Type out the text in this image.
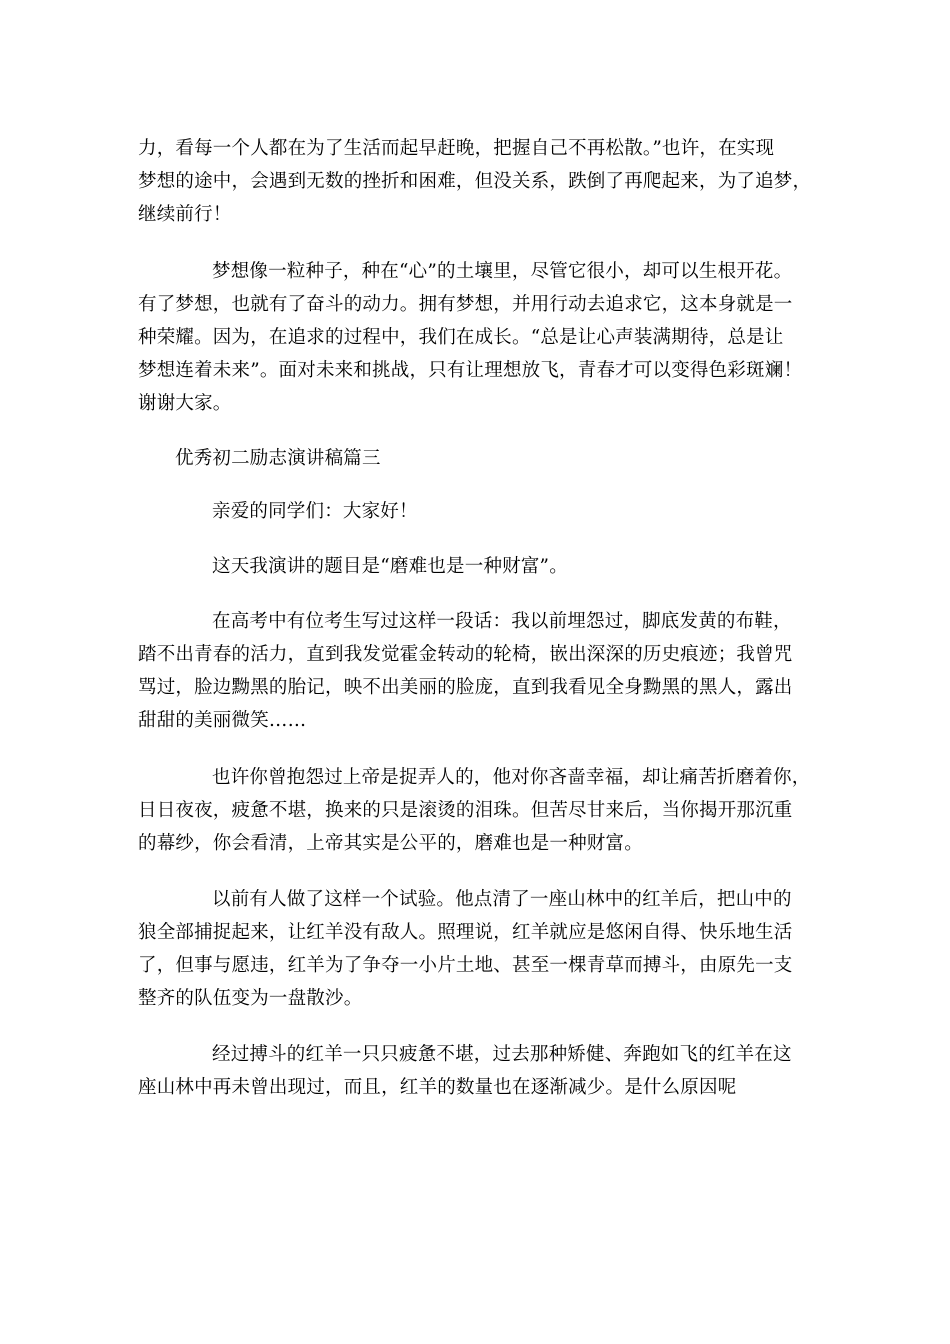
力，看每一个人都在为了生活而起早赶晚，把握自己不再松散。”也许，在实现
梦想的途中，会遇到无数的挫折和困难，但没关系，跌倒了再爬起来，为了追梦，
继续前行！
梦想像一粒种子，种在“心”的土壤里，尽管它很小，却可以生根开花。
有了梦想，也就有了奋斗的动力。拥有梦想，并用行动去追求它，这本身就是一
种荣耀。因为，在追求的过程中，我们在成长。“总是让心声装满期待，总是让
梦想连着未来”。面对未来和挑战，只有让理想放飞，青春才可以变得色彩斑斓！
谢谢大家。
优秀初二励志演讲稿篇三
亲爱的同学们：大家好！
这天我演讲的题目是“磨难也是一种财富”。
在高考中有位考生写过这样一段话：我以前埋怨过，脚底发黄的布鞋，
踏不出青春的活力，直到我发觉霍金转动的轮椅，嵌出深深的历史痕迹；我曾咒
骂过，脸边黝黑的胎记，映不出美丽的脸庞，直到我看见全身黝黑的黑人，露出
甜甜的美丽微笑……
也许你曾抱怨过上帝是捉弄人的，他对你吝啬幸福，却让痛苦折磨着你，
日日夜夜，疲惫不堪，换来的只是滚烫的泪珠。但苦尽甘来后，当你揭开那沉重
的幕纱，你会看清，上帝其实是公平的，磨难也是一种财富。
以前有人做了这样一个试验。他点清了一座山林中的红羊后，把山中的
狼全部捕捉起来，让红羊没有敌人。照理说，红羊就应是悠闲自得、快乐地生活
了，但事与愿违，红羊为了争夺一小片土地、甚至一棵青草而搏斗，由原先一支
整齐的队伍变为一盘散沙。
经过搏斗的红羊一只只疲惫不堪，过去那种矫健、奔跑如飞的红羊在这
座山林中再未曾出现过，而且，红羊的数量也在逐渐减少。是什么原因呢
